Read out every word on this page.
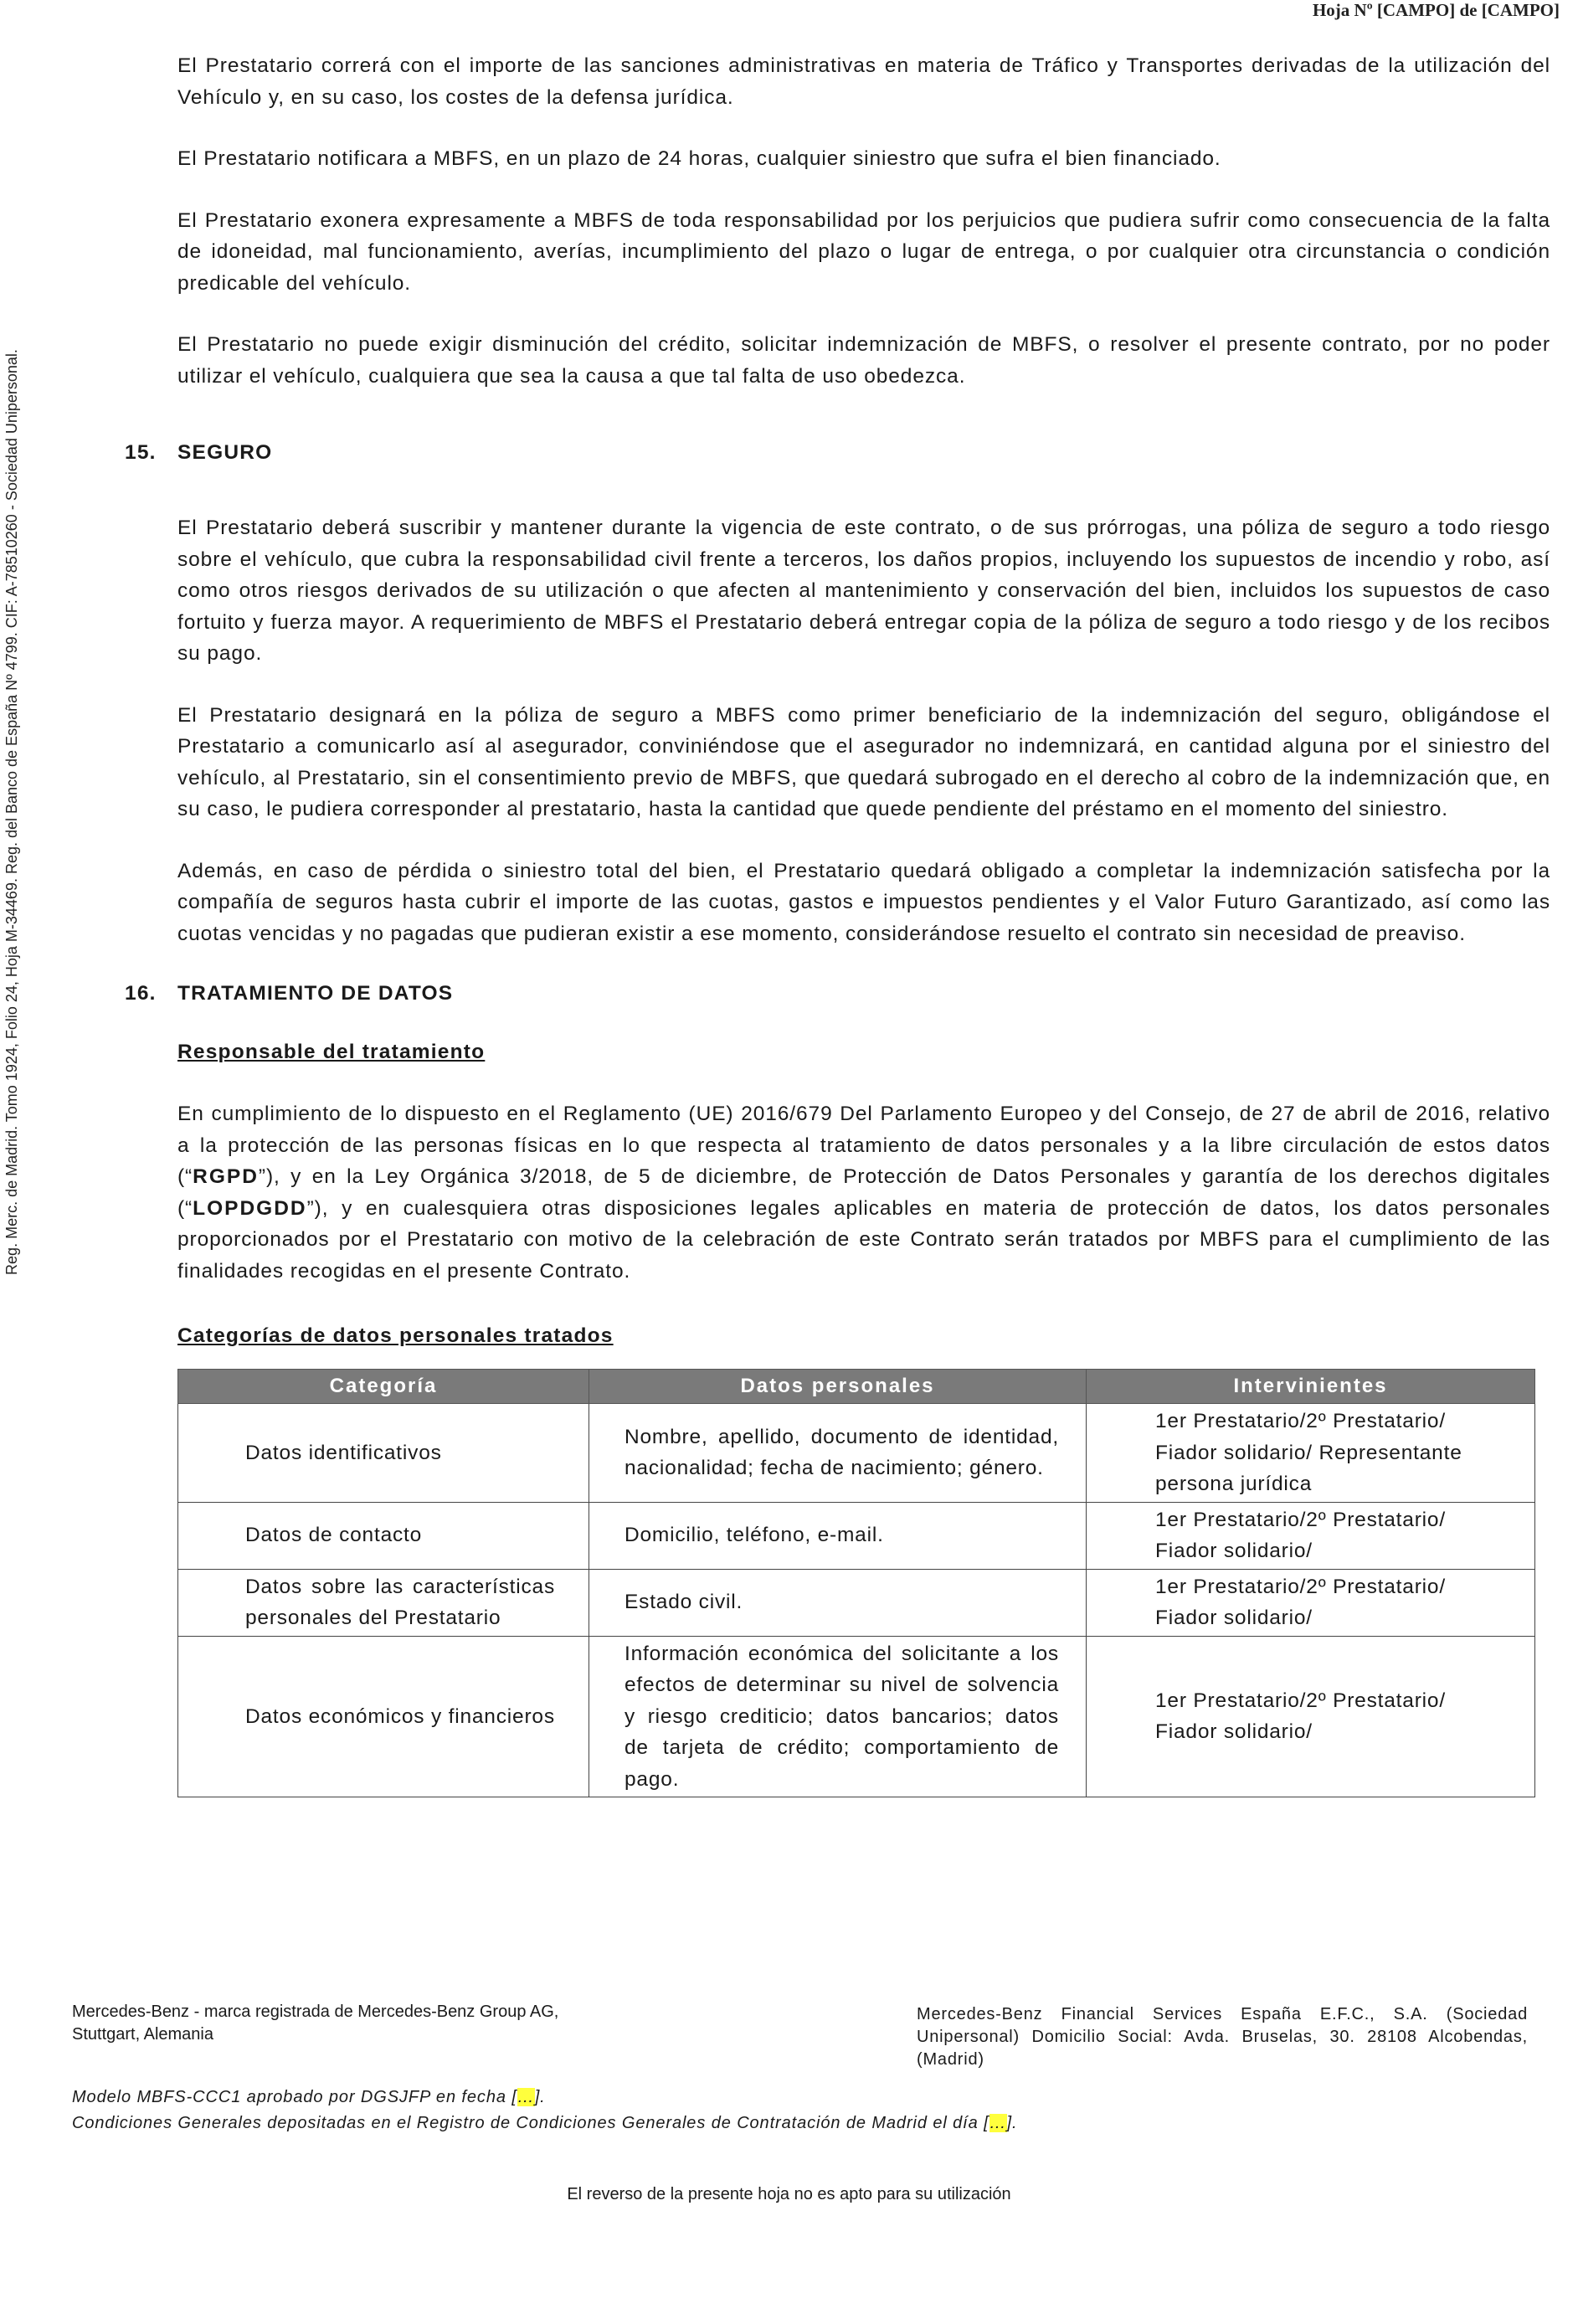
Hoja Nº [CAMPO] de [CAMPO]
Reg. Merc. de Madrid. Tomo 1924, Folio 24, Hoja M-34469. Reg. del Banco de España Nº 4799. CIF: A-78510260 - Sociedad Unipersonal.

El Prestatario correrá con el importe de las sanciones administrativas en materia de Tráfico y Transportes derivadas de la utilización del Vehículo y, en su caso, los costes de la defensa jurídica.

El Prestatario notificara a MBFS, en un plazo de 24 horas, cualquier siniestro que sufra el bien financiado.

El Prestatario exonera expresamente a MBFS de toda responsabilidad por los perjuicios que pudiera sufrir como consecuencia de la falta de idoneidad, mal funcionamiento, averías, incumplimiento del plazo o lugar de entrega, o por cualquier otra circunstancia o condición predicable del vehículo.

El Prestatario no puede exigir disminución del crédito, solicitar indemnización de MBFS, o resolver el presente contrato, por no poder utilizar el vehículo, cualquiera que sea la causa a que tal falta de uso obedezca.

15. SEGURO

El Prestatario deberá suscribir y mantener durante la vigencia de este contrato, o de sus prórrogas, una póliza de seguro a todo riesgo sobre el vehículo, que cubra la responsabilidad civil frente a terceros, los daños propios, incluyendo los supuestos de incendio y robo, así como otros riesgos derivados de su utilización o que afecten al mantenimiento y conservación del bien, incluidos los supuestos de caso fortuito y fuerza mayor. A requerimiento de MBFS el Prestatario deberá entregar copia de la póliza de seguro a todo riesgo y de los recibos su pago.

El Prestatario designará en la póliza de seguro a MBFS como primer beneficiario de la indemnización del seguro, obligándose el Prestatario a comunicarlo así al asegurador, conviniéndose que el asegurador no indemnizará, en cantidad alguna por el siniestro del vehículo, al Prestatario, sin el consentimiento previo de MBFS, que quedará subrogado en el derecho al cobro de la indemnización que, en su caso, le pudiera corresponder al prestatario, hasta la cantidad que quede pendiente del préstamo en el momento del siniestro.

Además, en caso de pérdida o siniestro total del bien, el Prestatario quedará obligado a completar la indemnización satisfecha por la compañía de seguros hasta cubrir el importe de las cuotas, gastos e impuestos pendientes y el Valor Futuro Garantizado, así como las cuotas vencidas y no pagadas que pudieran existir a ese momento, considerándose resuelto el contrato sin necesidad de preaviso.

16. TRATAMIENTO DE DATOS
Responsable del tratamiento

En cumplimiento de lo dispuesto en el Reglamento (UE) 2016/679 Del Parlamento Europeo y del Consejo, de 27 de abril de 2016, relativo a la protección de las personas físicas en lo que respecta al tratamiento de datos personales y a la libre circulación de estos datos (“RGPD”), y en la Ley Orgánica 3/2018, de 5 de diciembre, de Protección de Datos Personales y garantía de los derechos digitales (“LOPDGDD”), y en cualesquiera otras disposiciones legales aplicables en materia de protección de datos, los datos personales proporcionados por el Prestatario con motivo de la celebración de este Contrato serán tratados por MBFS para el cumplimiento de las finalidades recogidas en el presente Contrato.

Categorías de datos personales tratados
Categoría	Datos personales	Intervinientes

Datos identificativos	Nombre, apellido, documento de identidad, nacionalidad; fecha de nacimiento; género.	1er Prestatario/2º Prestatario/ Fiador solidario/ Representante persona jurídica

Datos de contacto	Domicilio, teléfono, e-mail.	1er Prestatario/2º Prestatario/ Fiador solidario/

Datos sobre las características personales del Prestatario	Estado civil.	1er Prestatario/2º Prestatario/ Fiador solidario/

Datos económicos y financieros	Información económica del solicitante a los efectos de determinar su nivel de solvencia y riesgo crediticio; datos bancarios; datos de tarjeta de crédito; comportamiento de pago.	1er Prestatario/2º Prestatario/ Fiador solidario/
Mercedes-Benz - marca registrada de Mercedes-Benz Group AG, Stuttgart, Alemania
Mercedes-Benz Financial Services España E.F.C., S.A. (Sociedad Unipersonal) Domicilio Social: Avda. Bruselas, 30. 28108 Alcobendas, (Madrid)
Modelo MBFS-CCC1 aprobado por DGSJFP en fecha […].
Condiciones Generales depositadas en el Registro de Condiciones Generales de Contratación de Madrid el día […].
El reverso de la presente hoja no es apto para su utilización
